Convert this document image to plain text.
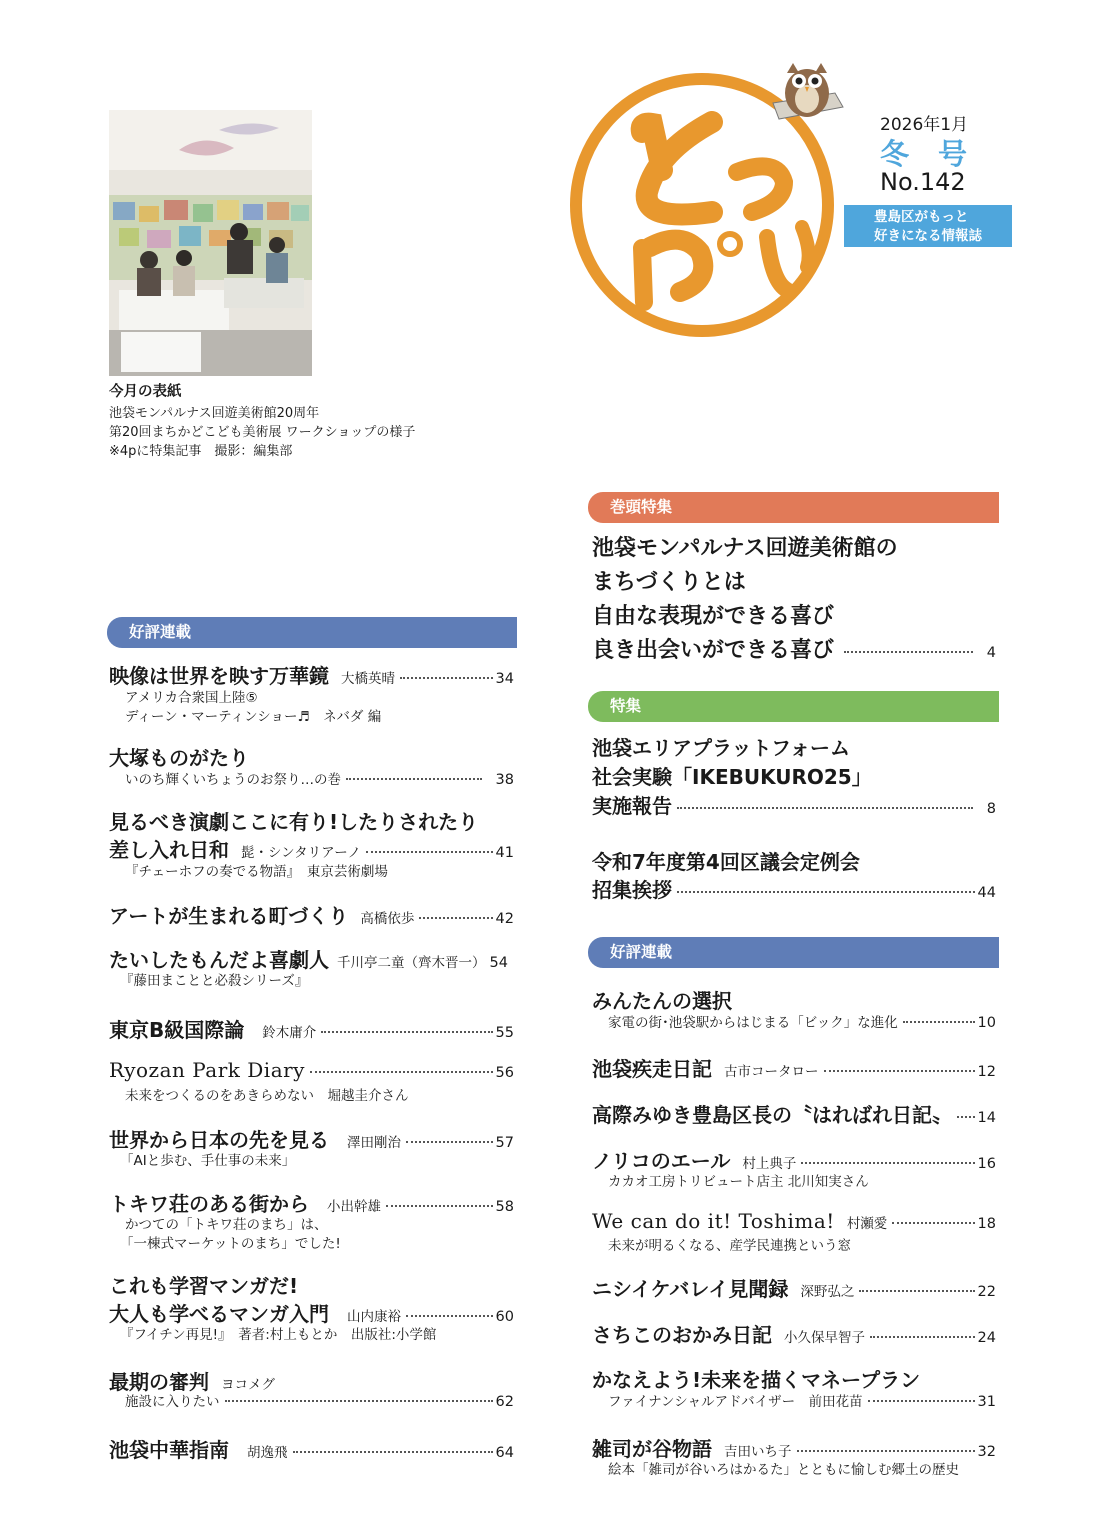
今月の表紙
池袋モンパルナス回遊美術館20周年
第20回まちかどこども美術展 ワークショップの様子
※4pに特集記事　撮影：編集部
2026年1月
冬　号
No.142
豊島区がもっと
好きになる情報誌
巻頭特集
池袋モンパルナス回遊美術館の
まちづくりとは
自由な表現ができる喜び
良き出会いができる喜び	4
特集
池袋エリアプラットフォーム
社会実験「IKEBUKURO25」
実施報告	8
令和7年度第4回区議会定例会
招集挨拶	44
好評連載
みんたんの選択
家電の街･池袋駅からはじまる「ビック」な進化	10
池袋疾走日記 古市コータロー	12
高際みゆき豊島区長の〝はればれ日記〟 14
ノリコのエール 村上典子	16
カカオ工房トリビュート店主 北川知実さん
We can do it! Toshima! 村瀬愛	18
未来が明るくなる、産学民連携という窓
ニシイケバレイ見聞録 深野弘之	22
さちこのおかみ日記 小久保早智子	24
かなえよう!未来を描くマネープラン
ファイナンシャルアドバイザー　前田花苗	31
雑司が谷物語 吉田いち子	32
絵本「雑司が谷いろはかるた」とともに愉しむ郷土の歴史
好評連載
映像は世界を映す万華鏡 大橋英晴	34
アメリカ合衆国上陸⑤
ディーン・マーティンショー♬　ネバダ 編
大塚ものがたり
いのち輝くいちょうのお祭り…の巻	38
見るべき演劇ここに有り!したりされたり
差し入れ日和 髭・シンタリアーノ	41
『チェーホフの奏でる物語』　東京芸術劇場
アートが生まれる町づくり 高橋依歩	42
たいしたもんだよ喜劇人 千川亭二童（齊木晋一） 54
『藤田まことと必殺シリーズ』
東京B級国際論 鈴木庸介	55
Ryozan Park Diary	56
未来をつくるのをあきらめない　堀越圭介さん
世界から日本の先を見る 澤田剛治	57
「AIと歩む、手仕事の未来」
トキワ荘のある街から 小出幹雄	58
かつての「トキワ荘のまち」は、
「一棟式マーケットのまち」でした!
これも学習マンガだ!
大人も学べるマンガ入門 山内康裕	60
『フイチン再見!』　著者:村上もとか　出版社:小学館
最期の審判 ヨコメグ
施設に入りたい	62
池袋中華指南 胡逸飛	64
